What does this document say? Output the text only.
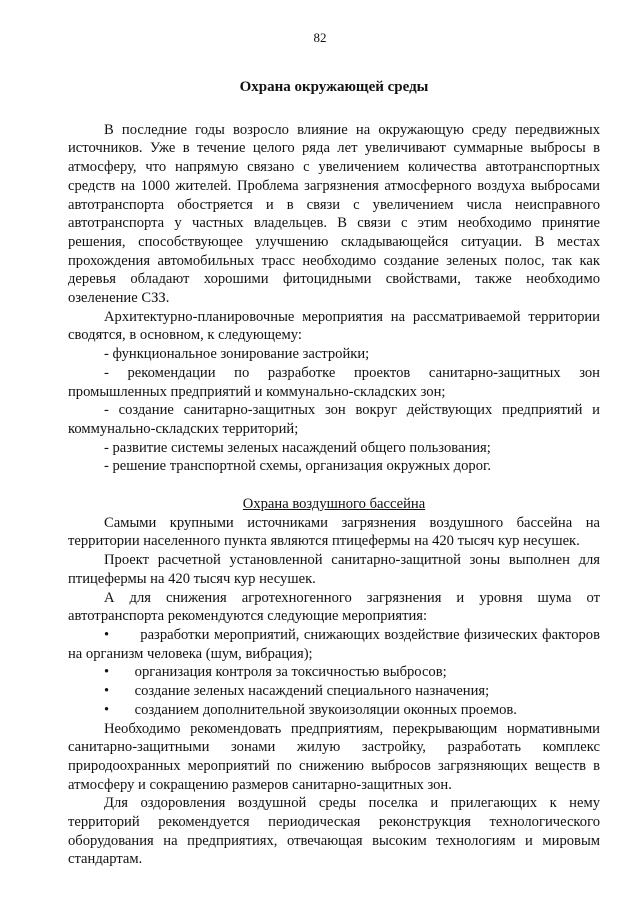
82
Охрана окружающей среды

В последние годы возросло влияние на окружающую среду передвижных источников. Уже в течение целого ряда лет увеличивают суммарные выбросы в атмосферу, что напрямую связано с увеличением количества автотранспортных средств на 1000 жителей. Проблема загрязнения атмосферного воздуха выбросами автотранспорта обостряется и в связи с увеличением числа неисправного автотранспорта у частных владельцев. В связи с этим необходимо принятие решения, способствующее улучшению складывающейся ситуации. В местах прохождения автомобильных трасс необходимо создание зеленых полос, так как деревья обладают хорошими фитоцидными свойствами, также необходимо озеленение СЗЗ.

Архитектурно-планировочные мероприятия на рассматриваемой территории сводятся, в основном, к следующему:

- функциональное зонирование застройки;

- рекомендации по разработке проектов санитарно-защитных зон промышленных предприятий и коммунально-складских зон;

- создание санитарно-защитных зон вокруг действующих предприятий и коммунально-складских территорий;

- развитие системы зеленых насаждений общего пользования;

- решение транспортной схемы, организация окружных дорог.

Охрана воздушного бассейна

Самыми крупными источниками загрязнения воздушного бассейна на территории населенного пункта являются птицефермы на 420 тысяч кур несушек.

Проект расчетной установленной санитарно-защитной зоны выполнен для птицефермы на 420 тысяч кур несушек.

А для снижения агротехногенного загрязнения и уровня шума от автотранспорта рекомендуются следующие мероприятия:

• разработки мероприятий, снижающих воздействие физических факторов на организм человека (шум, вибрация);

• организация контроля за токсичностью выбросов;

• создание зеленых насаждений специального назначения;

• созданием дополнительной звукоизоляции оконных проемов.

Необходимо рекомендовать предприятиям, перекрывающим нормативными санитарно-защитными зонами жилую застройку, разработать комплекс природоохранных мероприятий по снижению выбросов загрязняющих веществ в атмосферу и сокращению размеров санитарно-защитных зон.

Для оздоровления воздушной среды поселка и прилегающих к нему территорий рекомендуется периодическая реконструкция технологического оборудования на предприятиях, отвечающая высоким технологиям и мировым стандартам.
